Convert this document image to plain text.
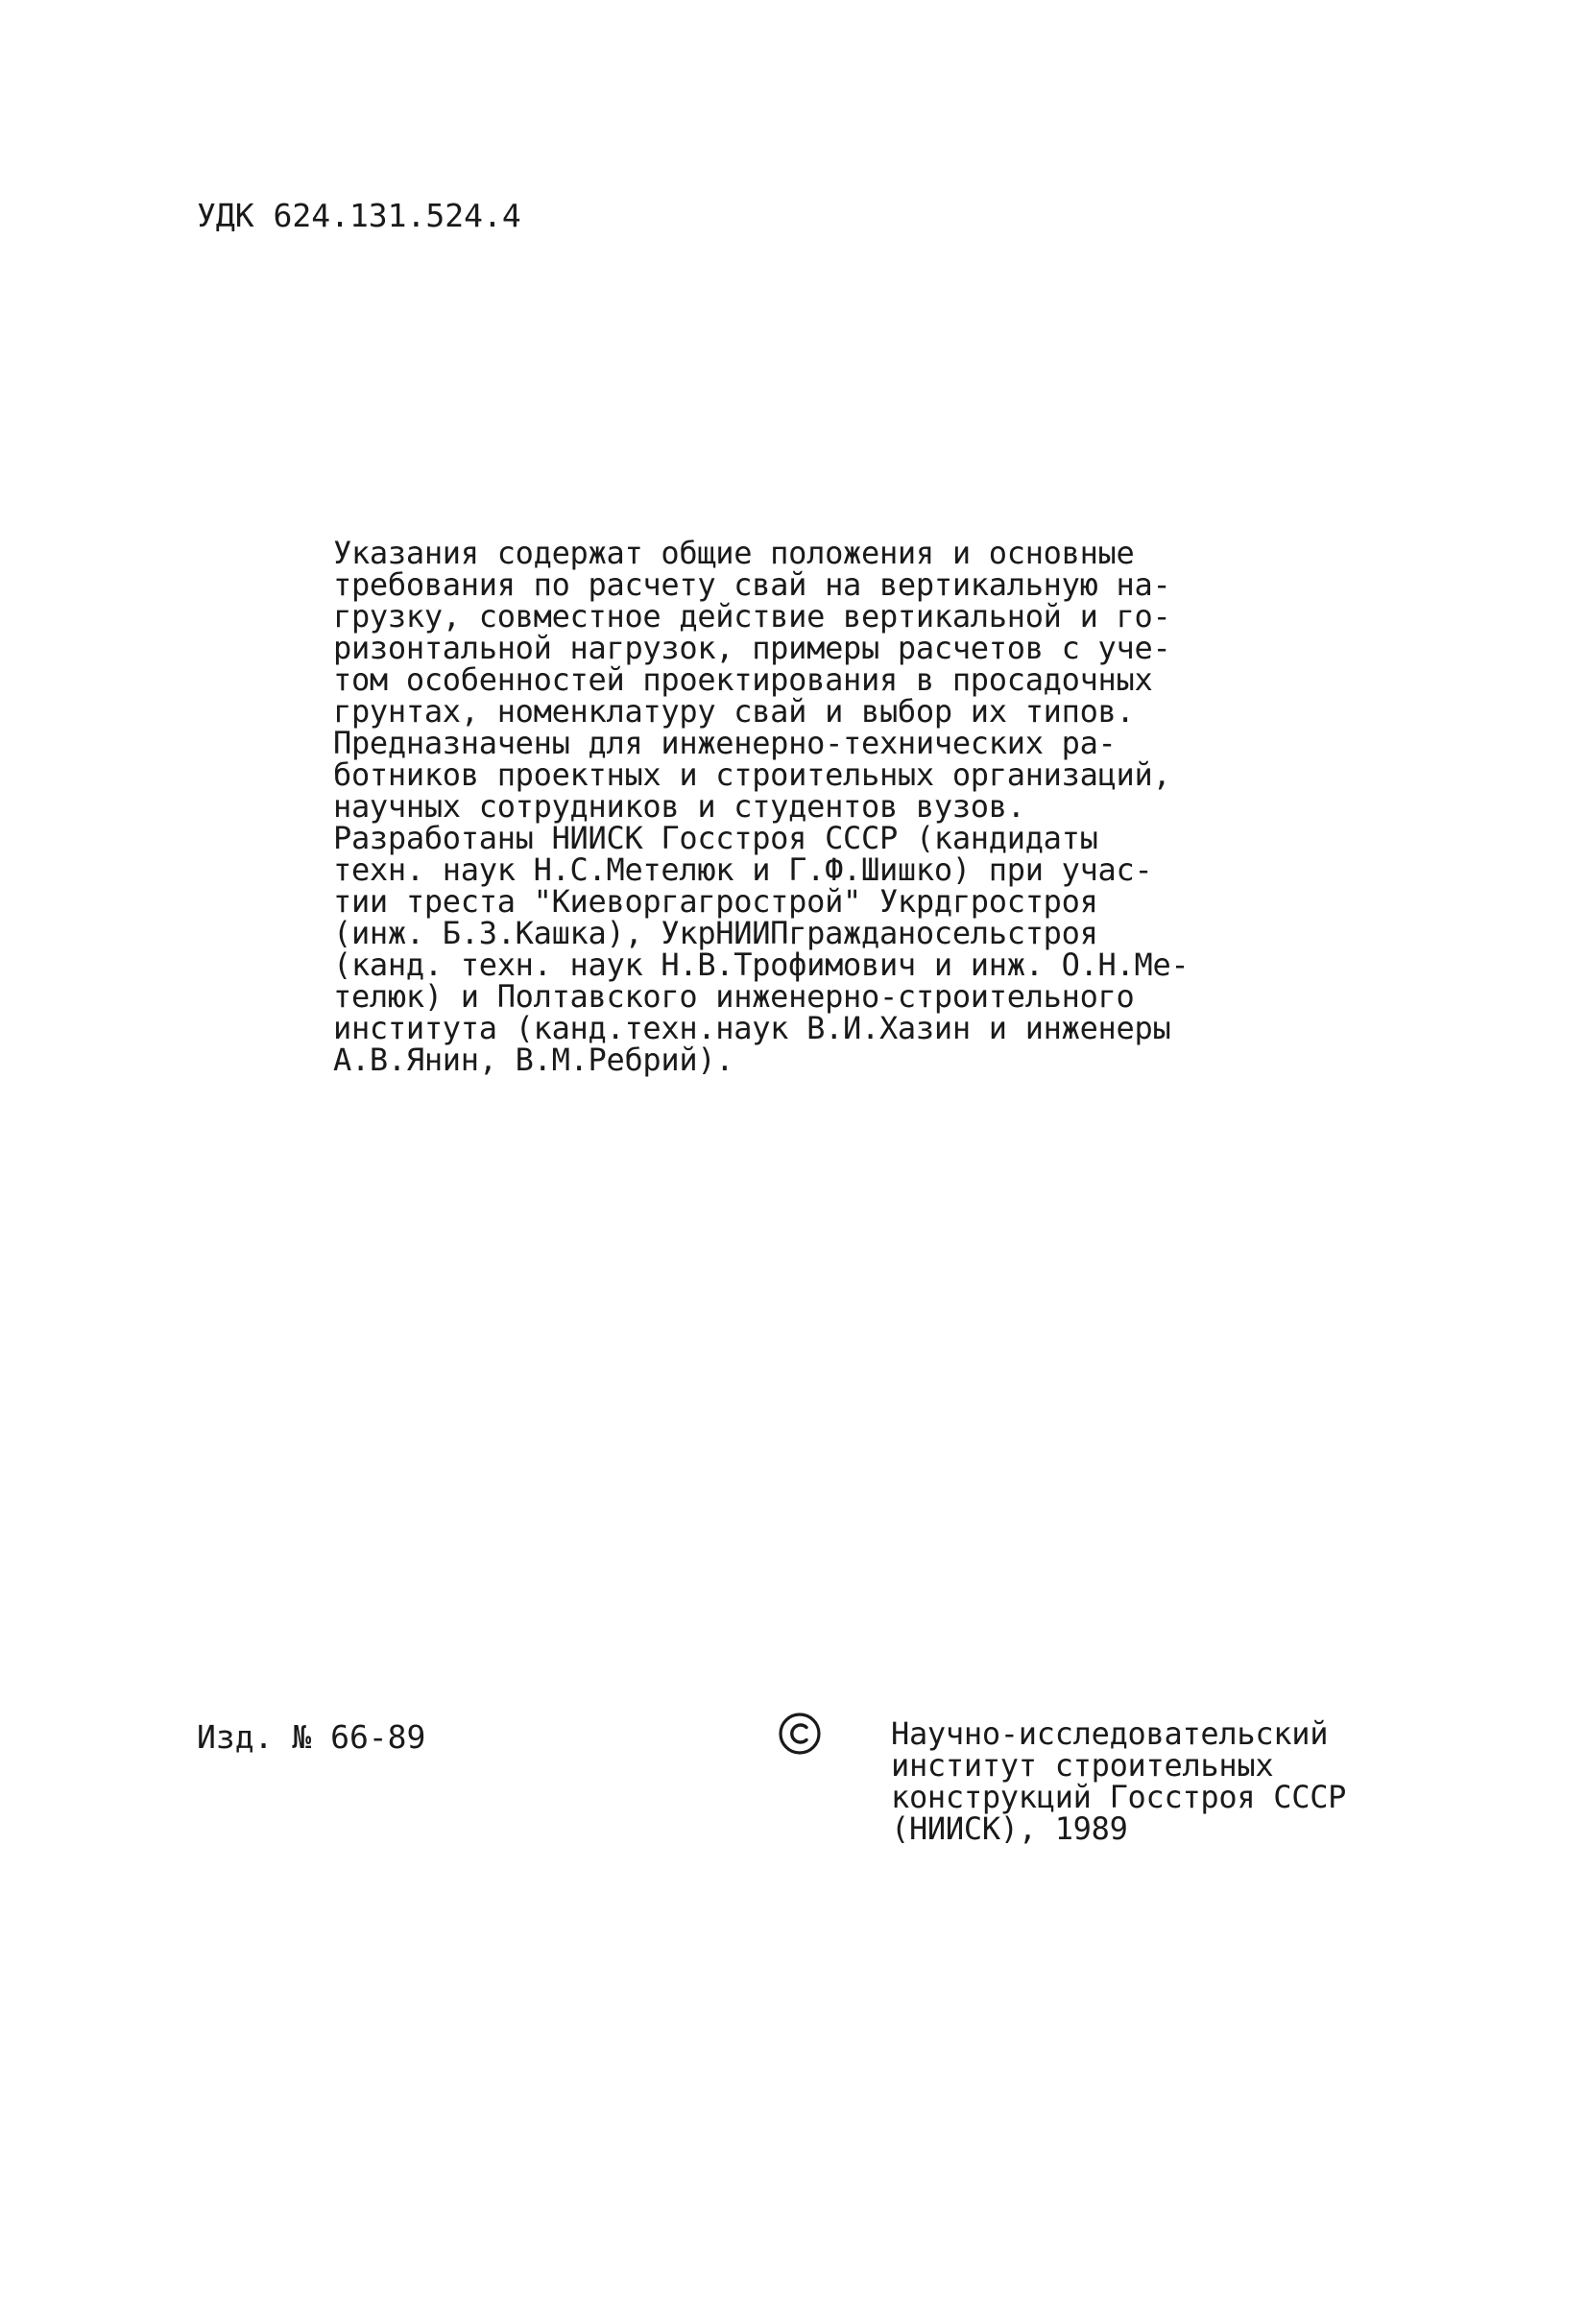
УДК 624.131.524.4
Указания содержат общие положения и основные
требования по расчету свай на вертикальную на-
грузку, совместное действие вертикальной и го-
ризонтальной нагрузок, примеры расчетов с уче-
том особенностей проектирования в просадочных
грунтах, номенклатуру свай и выбор их типов.
Предназначены для инженерно-технических ра-
ботников проектных и строительных организаций,
научных сотрудников и студентов вузов.
Разработаны НИИСК Госстроя СССР (кандидаты
техн. наук Н.С.Метелюк и Г.Ф.Шишко) при учас-
тии треста "Киеворгагрострой" Укрдгрострoя
(инж. Б.З.Кашка), УкрНИИПгражданосельстроя
(канд. техн. наук Н.В.Трофимович и инж. О.Н.Ме-
телюк) и Полтавского инженерно-строительного
института (канд.техн.наук В.И.Хазин и инженеры
А.В.Янин, В.М.Ребрий).
Изд. № 66-89	Научно-исследовательский
институт строительных
конструкций Госстроя СССР
(НИИСК), 1989
